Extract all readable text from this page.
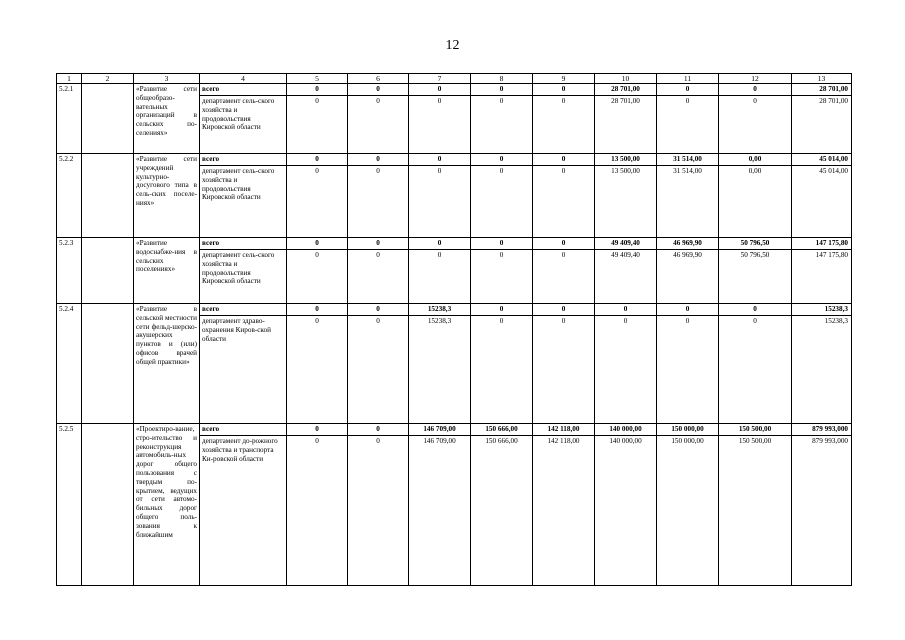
12
1	2	3	4	5	6	7	8	9	10	11	12	13
5.2.1		«Развитие сети общеобразо-вательных организаций в сельских по-селениях»	всего	0	0	0	0	0	28 701,00	0	0	28 701,00
			департамент сель-ского хозяйства и продовольствия Кировской области	0	0	0	0	0	28 701,00	0	0	28 701,00
5.2.2		«Развитие сети учреждений культурно-досугового типа в сель-ских поселе-ниях»	всего	0	0	0	0	0	13 500,00	31 514,00	0,00	45 014,00
			департамент сель-ского хозяйства и продовольствия Кировской области	0	0	0	0	0	13 500,00	31 514,00	0,00	45 014,00
5.2.3		«Развитие водоснабже-ния в сельских поселениях»	всего	0	0	0	0	0	49 409,40	46 969,90	50 796,50	147 175,80
			департамент сель-ского хозяйства и продовольствия Кировской области	0	0	0	0	0	49 409,40	46 969,90	50 796,50	147 175,80
5.2.4		«Развитие в сельской местности сети фельд-шерско-акушерских пунктов и (или) офисов врачей общей практики»	всего	0	0	15238,3	0	0	0	0	0	15238,3
			департамент здраво-охранения Киров-ской области	0	0	15238,3	0	0	0	0	0	15238,3
5.2.5		«Проектиро-вание, стро-ительство и реконструкция автомобиль-ных дорог общего пользования с твердым по-крытием, ведущих от сети автомо-бильных дорог общего поль-зования к ближайшим	всего	0	0	146 709,00	150 666,00	142 118,00	140 000,00	150 000,00	150 500,00	879 993,000
			департамент до-рожного хозяйства и транспорта Ки-ровской области	0	0	146 709,00	150 666,00	142 118,00	140 000,00	150 000,00	150 500,00	879 993,000
